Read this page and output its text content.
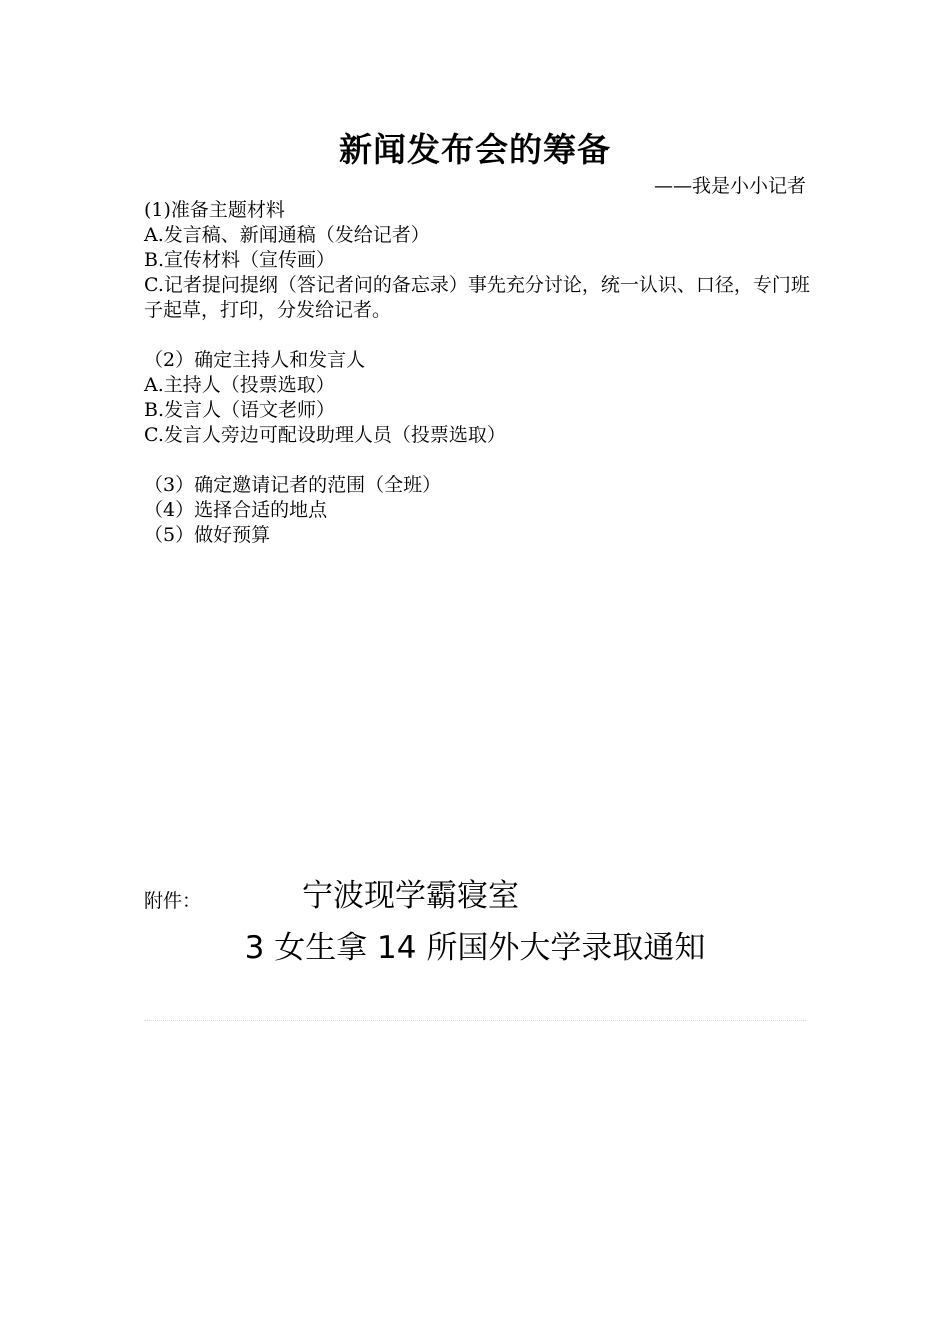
新闻发布会的筹备
——我是小小记者
(1)准备主题材料
A.发言稿、新闻通稿（发给记者）
B.宣传材料（宣传画）
C.记者提问提纲（答记者问的备忘录）事先充分讨论，统一认识、口径，专门班子起草，打印，分发给记者。
（2）确定主持人和发言人
A.主持人（投票选取）
B.发言人（语文老师）
C.发言人旁边可配设助理人员（投票选取）
（3）确定邀请记者的范围（全班）
（4）选择合适的地点
（5）做好预算
附件：	宁波现学霸寝室
3 女生拿 14 所国外大学录取通知
